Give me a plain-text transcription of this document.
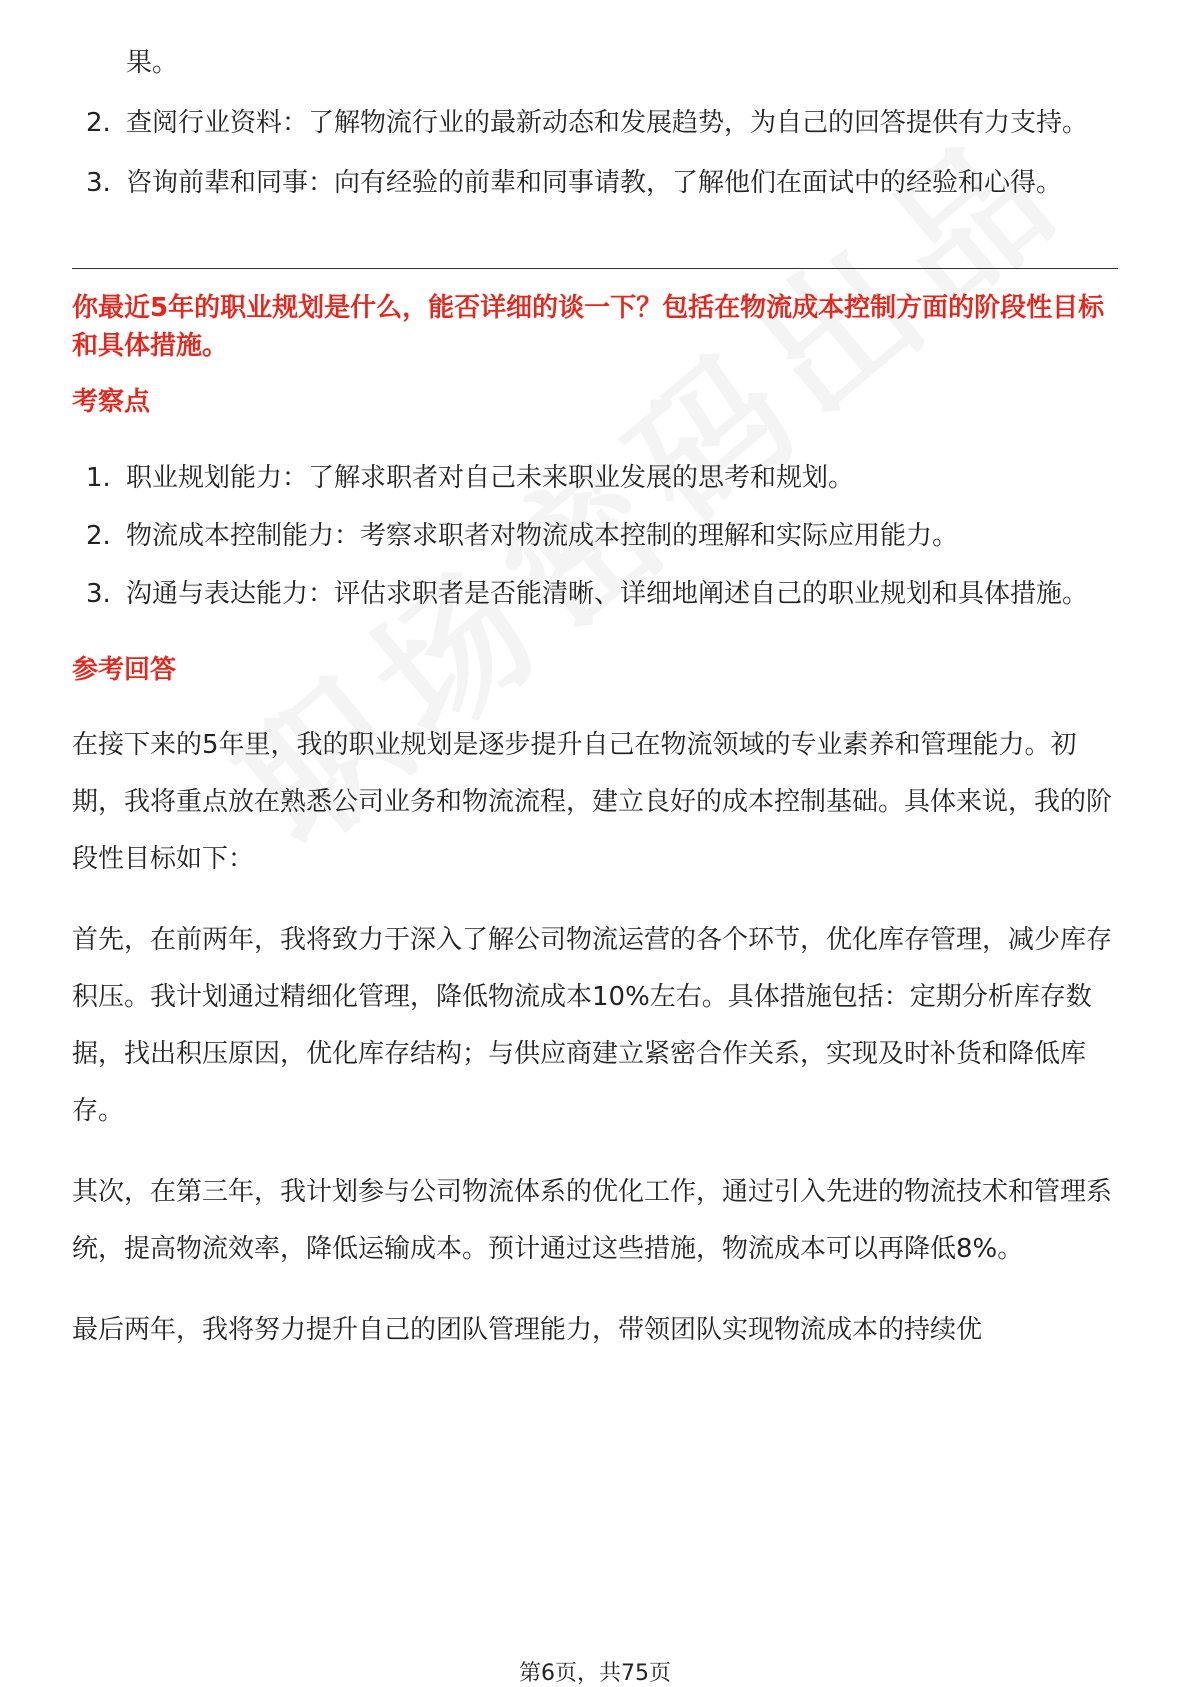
果。
2. 查阅行业资料：了解物流行业的最新动态和发展趋势，为自己的回答提供有力支持。
3. 咨询前辈和同事：向有经验的前辈和同事请教，了解他们在面试中的经验和心得。
你最近5年的职业规划是什么，能否详细的谈一下？包括在物流成本控制方面的阶段性目标和具体措施。
考察点
1. 职业规划能力：了解求职者对自己未来职业发展的思考和规划。
2. 物流成本控制能力：考察求职者对物流成本控制的理解和实际应用能力。
3. 沟通与表达能力：评估求职者是否能清晰、详细地阐述自己的职业规划和具体措施。
参考回答

在接下来的5年里，我的职业规划是逐步提升自己在物流领域的专业素养和管理能力。初期，我将重点放在熟悉公司业务和物流流程，建立良好的成本控制基础。具体来说，我的阶段性目标如下：

首先，在前两年，我将致力于深入了解公司物流运营的各个环节，优化库存管理，减少库存积压。我计划通过精细化管理，降低物流成本10%左右。具体措施包括：定期分析库存数据，找出积压原因，优化库存结构；与供应商建立紧密合作关系，实现及时补货和降低库存。

其次，在第三年，我计划参与公司物流体系的优化工作，通过引入先进的物流技术和管理系统，提高物流效率，降低运输成本。预计通过这些措施，物流成本可以再降低8%。

最后两年，我将努力提升自己的团队管理能力，带领团队实现物流成本的持续优

第6页，共75页
